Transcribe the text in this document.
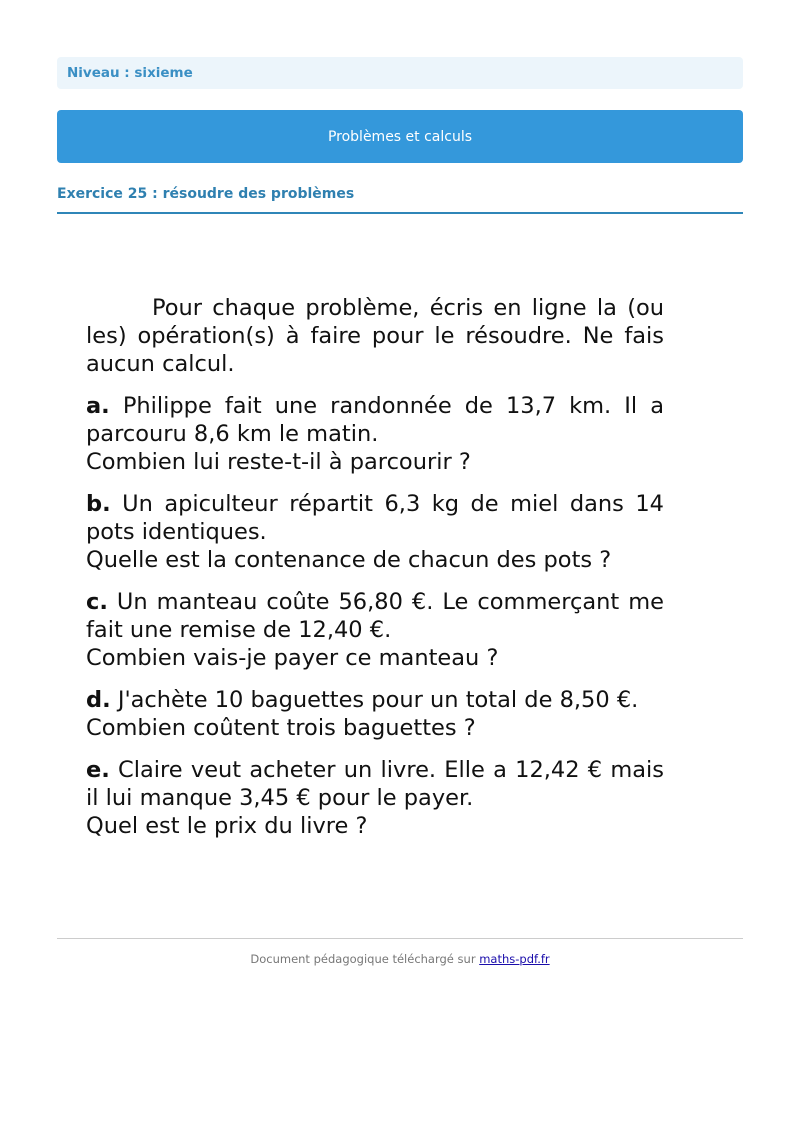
Niveau : sixieme
Problèmes et calculs
Exercice 25 : résoudre des problèmes

Pour chaque problème, écris en ligne la (ou les) opération(s) à faire pour le résoudre. Ne fais aucun calcul.

a. Philippe fait une randonnée de 13,7 km. Il a parcouru 8,6 km le matin.
Combien lui reste-t-il à parcourir ?
b. Un apiculteur répartit 6,3 kg de miel dans 14 pots identiques.
Quelle est la contenance de chacun des pots ?
c. Un manteau coûte 56,80 €. Le commerçant me fait une remise de 12,40 €.
Combien vais-je payer ce manteau ?
d. J'achète 10 baguettes pour un total de 8,50 €.
Combien coûtent trois baguettes ?
e. Claire veut acheter un livre. Elle a 12,42 € mais il lui manque 3,45 € pour le payer.
Quel est le prix du livre ?
Document pédagogique téléchargé sur maths-pdf.fr
